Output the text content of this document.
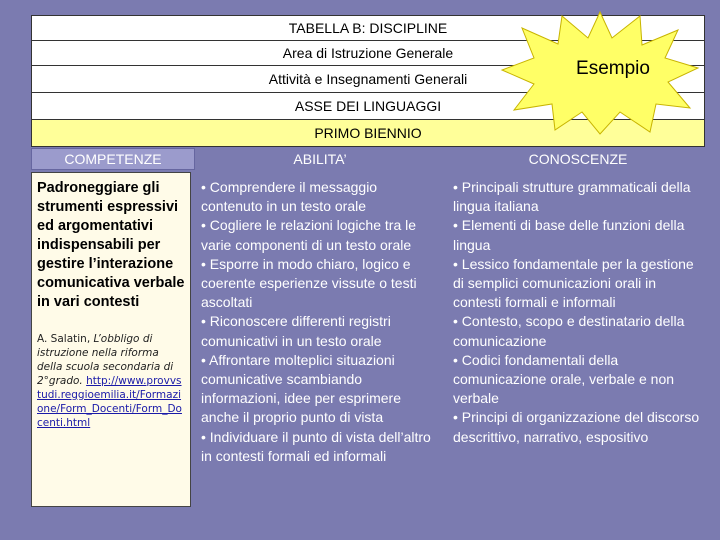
TABELLA B: DISCIPLINE
Area di Istruzione Generale
Attività e Insegnamenti Generali
ASSE DEI LINGUAGGI
PRIMO BIENNIO
Esempio
COMPETENZE	ABILITA’	CONOSCENZE
Padroneggiare gli strumenti espressivi ed argomentativi indispensabili per gestire l’interazione comunicativa verbale in vari contesti
A. Salatin, L’obbligo di istruzione nella riforma della scuola secondaria di 2°grado. http://www.provvstudi.reggioemilia.it/Formazione/Form_Docenti/Form_Docenti.html
• Comprendere il messaggio contenuto in un testo orale
• Cogliere le relazioni logiche tra le varie componenti di un testo orale
• Esporre in modo chiaro, logico e coerente esperienze vissute o testi ascoltati
• Riconoscere differenti registri comunicativi in un testo orale
• Affrontare molteplici situazioni comunicative scambiando informazioni, idee per esprimere anche il proprio punto di vista
• Individuare il punto di vista dell’altro in contesti formali ed informali
• Principali strutture grammaticali della lingua italiana
• Elementi di base delle funzioni della lingua
• Lessico fondamentale per la gestione di semplici comunicazioni orali in contesti formali e informali
• Contesto, scopo e destinatario della comunicazione
• Codici fondamentali della comunicazione orale, verbale e non verbale
• Principi di organizzazione del discorso descrittivo, narrativo, espositivo
